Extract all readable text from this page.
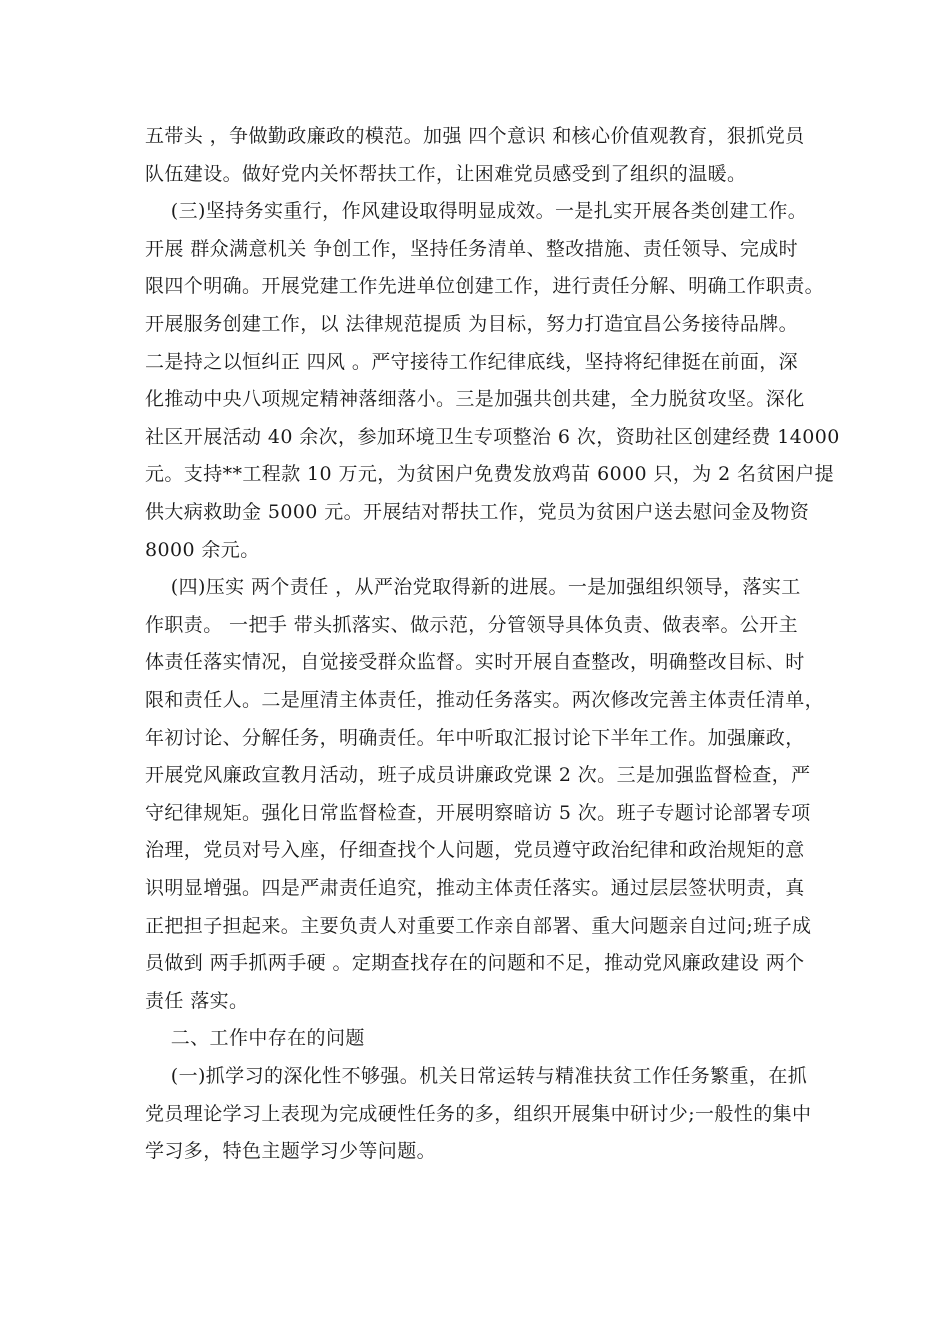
五带头 ，争做勤政廉政的模范。加强 四个意识 和核心价值观教育，狠抓党员
队伍建设。做好党内关怀帮扶工作，让困难党员感受到了组织的温暖。
(三)坚持务实重行，作风建设取得明显成效。一是扎实开展各类创建工作。
开展 群众满意机关 争创工作，坚持任务清单、整改措施、责任领导、完成时
限四个明确。开展党建工作先进单位创建工作，进行责任分解、明确工作职责。
开展服务创建工作，以 法律规范提质 为目标，努力打造宜昌公务接待品牌。
二是持之以恒纠正 四风 。严守接待工作纪律底线，坚持将纪律挺在前面，深
化推动中央八项规定精神落细落小。三是加强共创共建，全力脱贫攻坚。深化
社区开展活动 40 余次，参加环境卫生专项整治 6 次，资助社区创建经费 14000
元。支持**工程款 10 万元，为贫困户免费发放鸡苗 6000 只，为 2 名贫困户提
供大病救助金 5000 元。开展结对帮扶工作，党员为贫困户送去慰问金及物资
8000 余元。
(四)压实 两个责任 ，从严治党取得新的进展。一是加强组织领导，落实工
作职责。 一把手 带头抓落实、做示范，分管领导具体负责、做表率。公开主
体责任落实情况，自觉接受群众监督。实时开展自查整改，明确整改目标、时
限和责任人。二是厘清主体责任，推动任务落实。两次修改完善主体责任清单，
年初讨论、分解任务，明确责任。年中听取汇报讨论下半年工作。加强廉政，
开展党风廉政宣教月活动，班子成员讲廉政党课 2 次。三是加强监督检查，严
守纪律规矩。强化日常监督检查，开展明察暗访 5 次。班子专题讨论部署专项
治理，党员对号入座，仔细查找个人问题，党员遵守政治纪律和政治规矩的意
识明显增强。四是严肃责任追究，推动主体责任落实。通过层层签状明责，真
正把担子担起来。主要负责人对重要工作亲自部署、重大问题亲自过问;班子成
员做到 两手抓两手硬 。定期查找存在的问题和不足，推动党风廉政建设 两个
责任 落实。
二、工作中存在的问题
(一)抓学习的深化性不够强。机关日常运转与精准扶贫工作任务繁重，在抓
党员理论学习上表现为完成硬性任务的多，组织开展集中研讨少;一般性的集中
学习多，特色主题学习少等问题。
